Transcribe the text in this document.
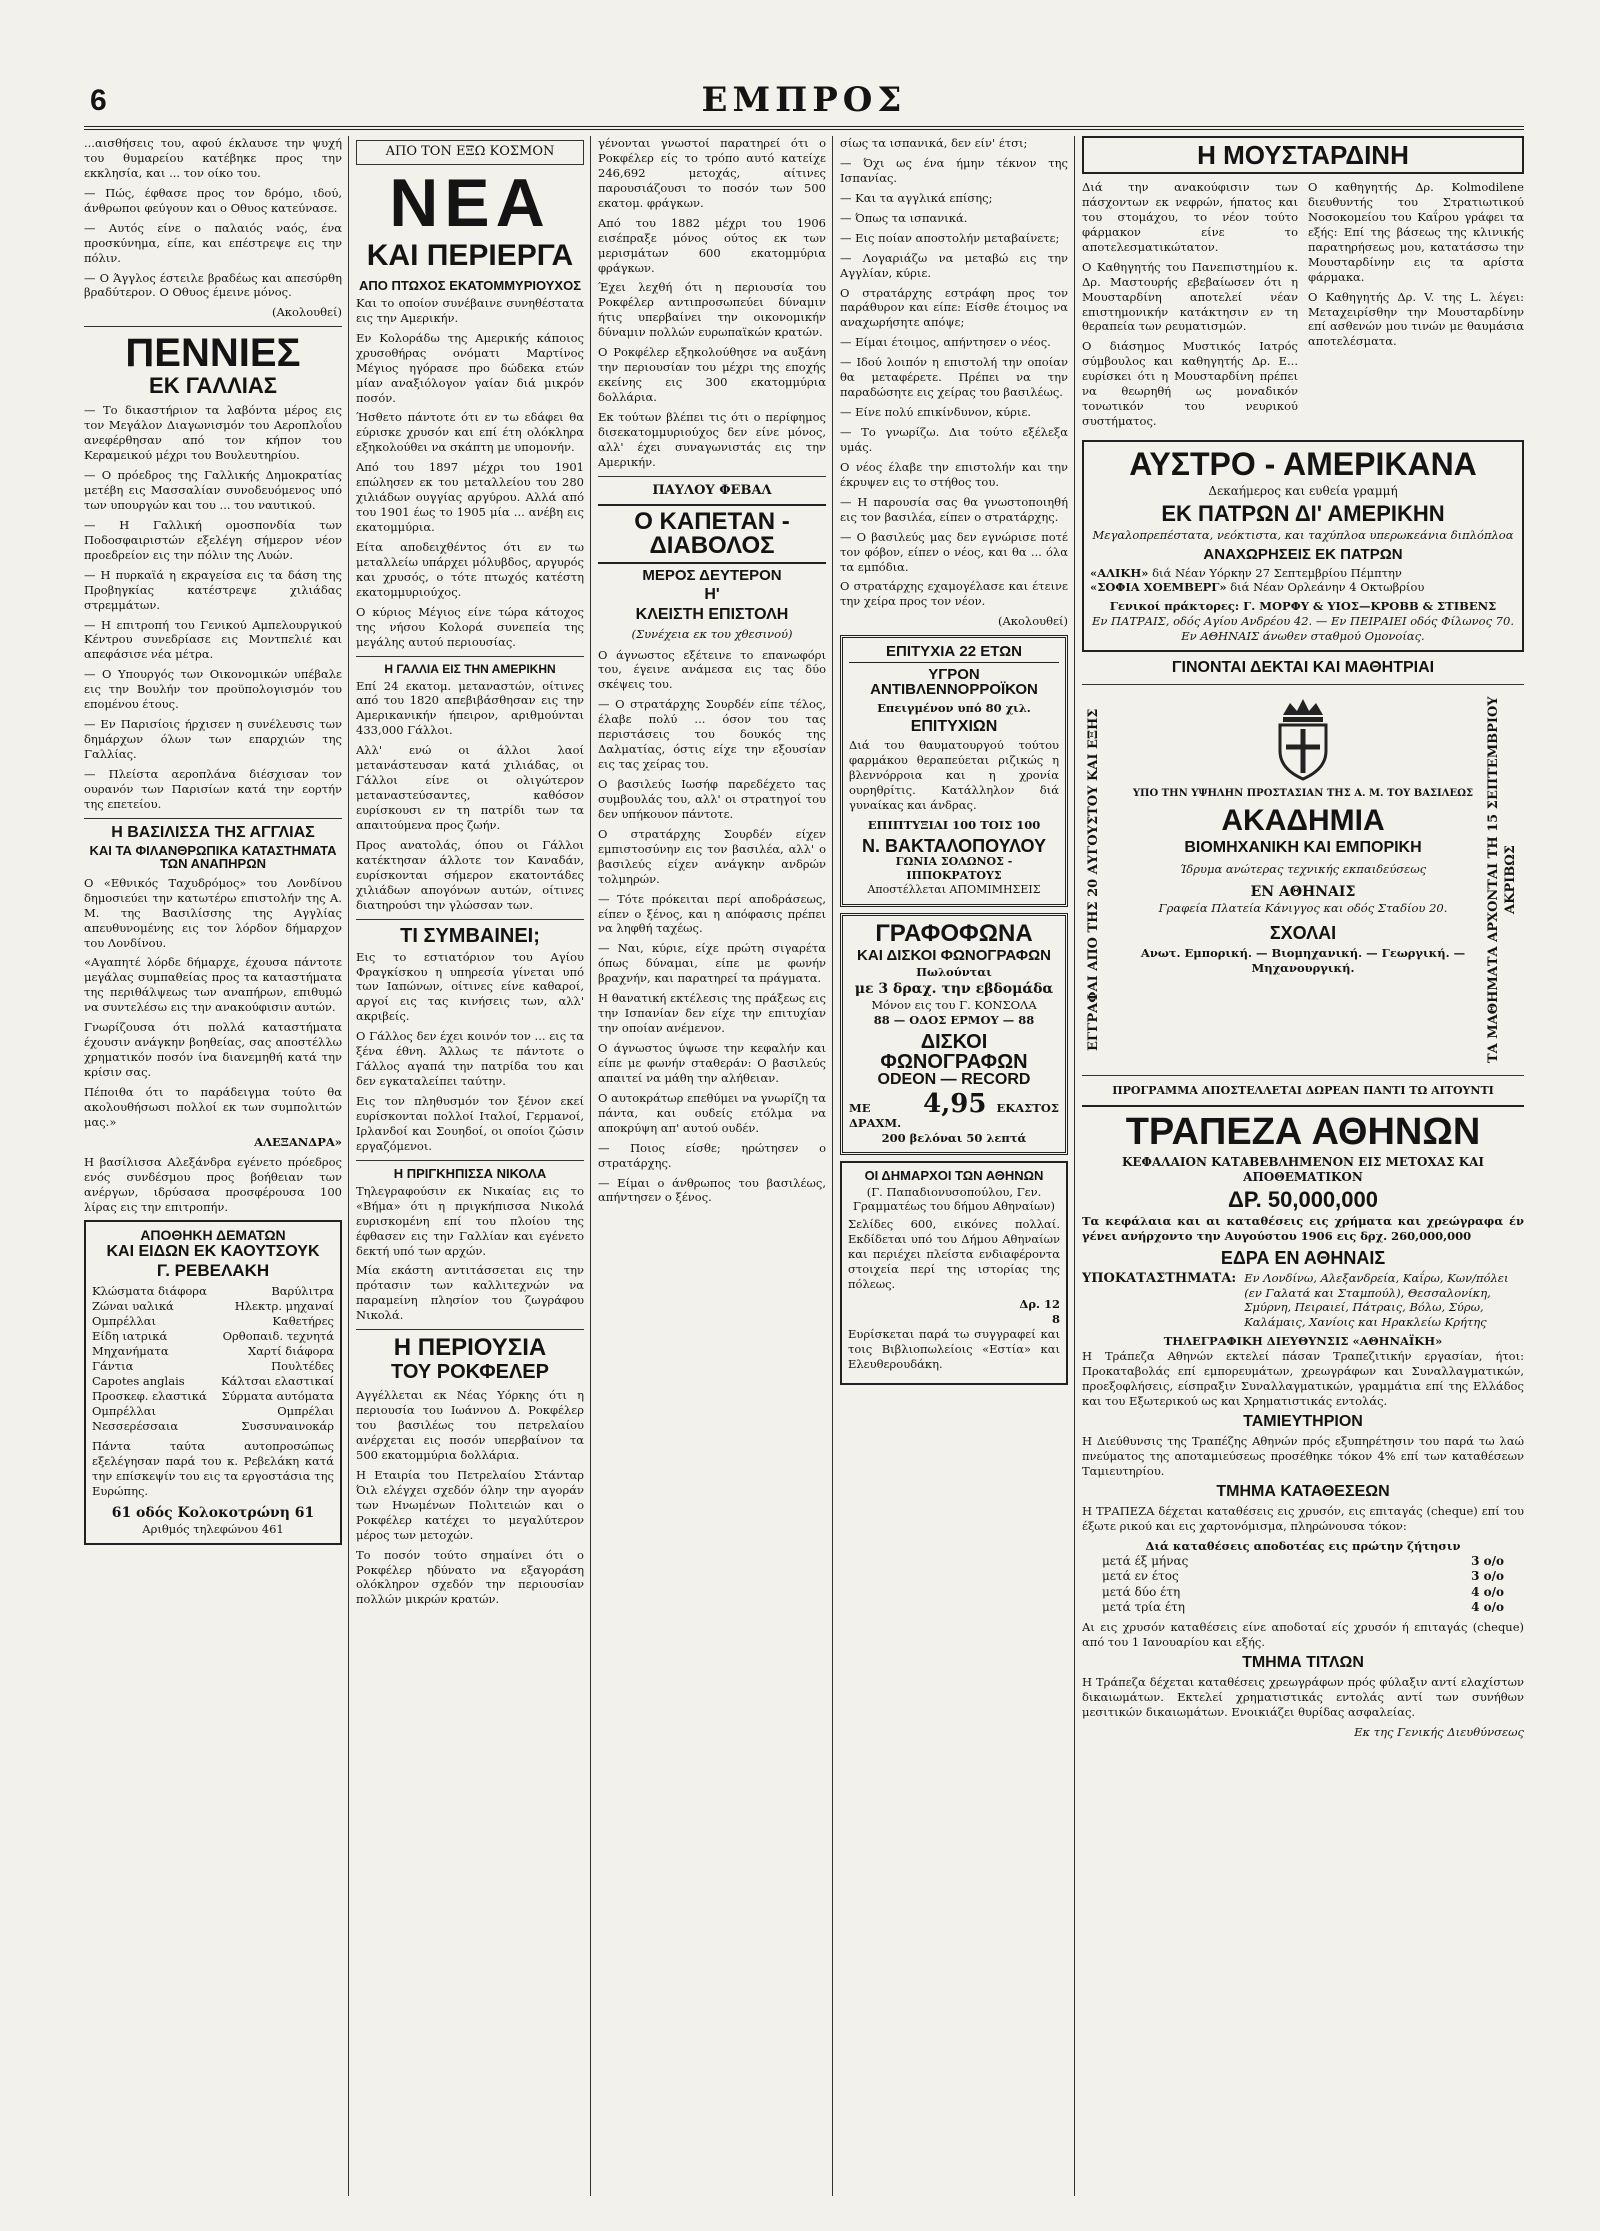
6	ΕΜΠΡΟΣ

...αισθήσεις του, αφού έκλαυσε την ψυχή του θυμαρείου κατέβηκε προς την εκκλησία, και ... τον οίκο του.

— Πώς, έφθασε προς τον δρόμο, ιδού, άνθρωποι φεύγουν και ο Οθυος κατεύνασε.

— Αυτός είνε ο παλαιός ναός, ένα προσκύνημα, είπε, και επέστρεψε εις την πόλιν.

— Ο Άγγλος έστειλε βραδέως και απεσύρθη βραδύτερον. Ο Οθυος έμεινε μόνος.

(Ακολουθεί)

ΠΕΝΝΙΕΣ
ΕΚ ΓΑΛΛΙΑΣ

— Το δικαστήριον τα λαβόντα μέρος εις τον Μεγάλον Διαγωνισμόν του Αεροπλοΐου ανεφέρθησαν από τον κήπον του Κεραμεικού μέχρι του Βουλευτηρίου.

— Ο πρόεδρος της Γαλλικής Δημοκρατίας μετέβη εις Μασσαλίαν συνοδευόμενος υπό των υπουργών και του ... του ναυτικού.

— Η Γαλλική ομοσπονδία των Ποδοσφαιριστών εξελέγη σήμερον νέον προεδρείον εις την πόλιν της Λυών.

— Η πυρκαϊά η εκραγείσα εις τα δάση της Προβηγκίας κατέστρεψε χιλιάδας στρεμμάτων.

— Η επιτροπή του Γενικού Αμπελουργικού Κέντρου συνεδρίασε εις Μοντπελιέ και απεφάσισε νέα μέτρα.

— Ο Υπουργός των Οικονομικών υπέβαλε εις την Βουλήν τον προϋπολογισμόν του επομένου έτους.

— Εν Παρισίοις ήρχισεν η συνέλευσις των δημάρχων όλων των επαρχιών της Γαλλίας.

— Πλείστα αεροπλάνα διέσχισαν τον ουρανόν των Παρισίων κατά την εορτήν της επετείου.

Η ΒΑΣΙΛΙΣΣΑ ΤΗΣ ΑΓΓΛΙΑΣ
ΚΑΙ ΤΑ ΦΙΛΑΝΘΡΩΠΙΚΑ ΚΑΤΑΣΤΗΜΑΤΑ ΤΩΝ ΑΝΑΠΗΡΩΝ

Ο «Εθνικός Ταχυδρόμος» του Λονδίνου δημοσιεύει την κατωτέρω επιστολήν της Α. Μ. της Βασιλίσσης της Αγγλίας απευθυνομένης εις τον λόρδον δήμαρχον του Λονδίνου.

«Αγαπητέ λόρδε δήμαρχε, έχουσα πάντοτε μεγάλας συμπαθείας προς τα καταστήματα της περιθάλψεως των αναπήρων, επιθυμώ να συντελέσω εις την ανακούφισιν αυτών.

Γνωρίζουσα ότι πολλά καταστήματα έχουσιν ανάγκην βοηθείας, σας αποστέλλω χρηματικόν ποσόν ίνα διανεμηθή κατά την κρίσιν σας.

Πέποιθα ότι το παράδειγμα τούτο θα ακολουθήσωσι πολλοί εκ των συμπολιτών μας.»

ΑΛΕΞΑΝΔΡΑ»

Η βασίλισσα Αλεξάνδρα εγένετο πρόεδρος ενός συνδέσμου προς βοήθειαν των ανέργων, ιδρύσασα προσφέρουσα 100 λίρας εις την επιτροπήν.

ΑΠΟΘΗΚΗ ΔΕΜΑΤΩΝ
ΚΑΙ ΕΙΔΩΝ ΕΚ ΚΑΟΥΤΣΟΥΚ
Γ. ΡΕΒΕΛΑΚΗ
Κλώσματα διάφορα	Βαρύλιτρα
Ζώναι υαλικά	Ηλεκτρ. μηχαναί
Ομπρέλλαι	Καθετήρες
Είδη ιατρικά	Ορθοπαιδ. τεχνητά
Μηχανήματα	Χαρτί διάφορα
Γάντια	Πουλτέδες
Capotes anglais	Κάλτσαι ελαστικαί
Προσκεφ. ελαστικά Σύρματα αυτόματα
Ομπρέλλαι	Ομπρέλαι
Νεσσερέσσαια	Συσσυναινοκάρ

Πάντα ταύτα αυτοπροσώπως εξελέγησαν παρά του κ. Ρεβελάκη κατά την επίσκεψίν του εις τα εργοστάσια της Ευρώπης.

61 οδός Κολοκοτρώνη 61
Αριθμός τηλεφώνου 461
ΑΠΟ ΤΟΝ ΕΞΩ ΚΟΣΜΟΝ
ΝΕΑ
ΚΑΙ ΠΕΡΙΕΡΓΑ
ΑΠΟ ΠΤΩΧΟΣ ΕΚΑΤΟΜΜΥΡΙΟΥΧΟΣ

Και το οποίον συνέβαινε συνηθέστατα εις την Αμερικήν.

Εν Κολοράδω της Αμερικής κάποιος χρυσοθήρας ονόματι Μαρτίνος Μέγιος ηγόρασε προ δώδεκα ετών μίαν αναξιόλογον γαίαν διά μικρόν ποσόν.

Ήσθετο πάντοτε ότι εν τω εδάφει θα εύρισκε χρυσόν και επί έτη ολόκληρα εξηκολούθει να σκάπτη με υπομονήν.

Από του 1897 μέχρι του 1901 επώλησεν εκ του μεταλλείου του 280 χιλιάδων ουγγίας αργύρου. Αλλά από του 1901 έως το 1905 μία ... ανέβη εις εκατομμύρια.

Είτα αποδειχθέντος ότι εν τω μεταλλείω υπάρχει μόλυβδος, αργυρός και χρυσός, ο τότε πτωχός κατέστη εκατομμυριούχος.

Ο κύριος Μέγιος είνε τώρα κάτοχος της νήσου Κολορά συνεπεία της μεγάλης αυτού περιουσίας.

Η ΓΑΛΛΙΑ ΕΙΣ ΤΗΝ ΑΜΕΡΙΚΗΝ

Επί 24 εκατομ. μεταναστών, οίτινες από του 1820 απεβιβάσθησαν εις την Αμερικανικήν ήπειρον, αριθμούνται 433,000 Γάλλοι.

Αλλ' ενώ οι άλλοι λαοί μετανάστευσαν κατά χιλιάδας, οι Γάλλοι είνε οι ολιγώτερον μεταναστεύσαντες, καθόσον ευρίσκουσι εν τη πατρίδι των τα απαιτούμενα προς ζωήν.

Προς ανατολάς, όπου οι Γάλλοι κατέκτησαν άλλοτε τον Καναδάν, ευρίσκονται σήμερον εκατοντάδες χιλιάδων απογόνων αυτών, οίτινες διατηρούσι την γλώσσαν των.

ΤΙ ΣΥΜΒΑΙΝΕΙ;

Εις το εστιατόριον του Αγίου Φραγκίσκου η υπηρεσία γίνεται υπό των Ιαπώνων, οίτινες είνε καθαροί, αργοί εις τας κινήσεις των, αλλ' ακριβείς.

Ο Γάλλος δεν έχει κοινόν τον ... εις τα ξένα έθνη. Άλλως τε πάντοτε ο Γάλλος αγαπά την πατρίδα του και δεν εγκαταλείπει ταύτην.

Εις τον πληθυσμόν τον ξένον εκεί ευρίσκονται πολλοί Ιταλοί, Γερμανοί, Ιρλανδοί και Σουηδοί, οι οποίοι ζώσιν εργαζόμενοι.

Η ΠΡΙΓΚΗΠΙΣΣΑ ΝΙΚΟΛΑ

Τηλεγραφούσιν εκ Νικαίας εις το «Βήμα» ότι η πριγκήπισσα Νικολά ευρισκομένη επί του πλοίου της έφθασεν εις την Γαλλίαν και εγένετο δεκτή υπό των αρχών.

Μία εκάστη αντιτάσσεται εις την πρότασιν των καλλιτεχνών να παραμείνη πλησίον του ζωγράφου Νικολά.

Η ΠΕΡΙΟΥΣΙΑ
ΤΟΥ ΡΟΚΦΕΛΕΡ

Αγγέλλεται εκ Νέας Υόρκης ότι η περιουσία του Ιωάννου Δ. Ροκφέλερ του βασιλέως του πετρελαίου ανέρχεται εις ποσόν υπερβαίνον τα 500 εκατομμύρια δολλάρια.

Η Εταιρία του Πετρελαίου Στάνταρ Όιλ ελέγχει σχεδόν όλην την αγοράν των Ηνωμένων Πολιτειών και ο Ροκφέλερ κατέχει το μεγαλύτερον μέρος των μετοχών.

Το ποσόν τούτο σημαίνει ότι ο Ροκφέλερ ηδύνατο να εξαγοράση ολόκληρον σχεδόν την περιουσίαν πολλών μικρών κρατών.

γένονται γνωστοί παρατηρεί ότι ο Ροκφέλερ είς το τρόπο αυτό κατείχε 246,692 μετοχάς, αίτινες παρουσιάζουσι το ποσόν των 500 εκατομ. φράγκων.

Από του 1882 μέχρι του 1906 εισέπραξε μόνος ούτος εκ των μερισμάτων 600 εκατομμύρια φράγκων.

Έχει λεχθή ότι η περιουσία του Ροκφέλερ αντιπροσωπεύει δύναμιν ήτις υπερβαίνει την οικονομικήν δύναμιν πολλών ευρωπαϊκών κρατών.

Ο Ροκφέλερ εξηκολούθησε να αυξάνη την περιουσίαν του μέχρι της εποχής εκείνης εις 300 εκατομμύρια δολλάρια.

Εκ τούτων βλέπει τις ότι ο περίφημος δισεκατομμυριούχος δεν είνε μόνος, αλλ' έχει συναγωνιστάς εις την Αμερικήν.

ΠΑΥΛΟΥ ΦΕΒΑΛ
Ο ΚΑΠΕΤΑΝ - ΔΙΑΒΟΛΟΣ
ΜΕΡΟΣ ΔΕΥΤΕΡΟΝ
Η'
ΚΛΕΙΣΤΗ ΕΠΙΣΤΟΛΗ
(Συνέχεια εκ του χθεσινού)

Ο άγνωστος εξέτεινε το επανωφόρι του, έγεινε ανάμεσα εις τας δύο σκέψεις του.

— Ο στρατάρχης Σουρδέν είπε τέλος, έλαβε πολύ ... όσον του τας περιστάσεις του δουκός της Δαλματίας, όστις είχε την εξουσίαν εις τας χείρας του.

Ο βασιλεύς Ιωσήφ παρεδέχετο τας συμβουλάς του, αλλ' οι στρατηγοί του δεν υπήκουον πάντοτε.

Ο στρατάρχης Σουρδέν είχεν εμπιστοσύνην εις τον βασιλέα, αλλ' ο βασιλεύς είχεν ανάγκην ανδρών τολμηρών.

— Τότε πρόκειται περί αποδράσεως, είπεν ο ξένος, και η απόφασις πρέπει να ληφθή ταχέως.

— Ναι, κύριε, είχε πρώτη σιγαρέτα όπως δύναμαι, είπε με φωνήν βραχνήν, και παρατηρεί τα πράγματα.

Η θανατική εκτέλεσις της πράξεως εις την Ισπανίαν δεν είχε την επιτυχίαν την οποίαν ανέμενον.

Ο άγνωστος ύψωσε την κεφαλήν και είπε με φωνήν σταθεράν: Ο βασιλεύς απαιτεί να μάθη την αλήθειαν.

Ο αυτοκράτωρ επεθύμει να γνωρίζη τα πάντα, και ουδείς ετόλμα να αποκρύψη απ' αυτού ουδέν.

— Ποιος είσθε; ηρώτησεν ο στρατάρχης.

— Είμαι ο άνθρωπος του βασιλέως, απήντησεν ο ξένος.

σίως τα ισπανικά, δεν είν' έτσι;

— Όχι ως ένα ήμην τέκνον της Ισπανίας.

— Και τα αγγλικά επίσης;

— Όπως τα ισπανικά.

— Εις ποίαν αποστολήν μεταβαίνετε;

— Λογαριάζω να μεταβώ εις την Αγγλίαν, κύριε.

Ο στρατάρχης εστράφη προς τον παράθυρον και είπε: Είσθε έτοιμος να αναχωρήσητε απόψε;

— Είμαι έτοιμος, απήντησεν ο νέος.

— Ιδού λοιπόν η επιστολή την οποίαν θα μεταφέρετε. Πρέπει να την παραδώσητε εις χείρας του βασιλέως.

— Είνε πολύ επικίνδυνον, κύριε.

— Το γνωρίζω. Δια τούτο εξέλεξα υμάς.

Ο νέος έλαβε την επιστολήν και την έκρυψεν εις το στήθος του.

— Η παρουσία σας θα γνωστοποιηθή εις τον βασιλέα, είπεν ο στρατάρχης.

— Ο βασιλεύς μας δεν εγνώρισε ποτέ τον φόβον, είπεν ο νέος, και θα ... όλα τα εμπόδια.

Ο στρατάρχης εχαμογέλασε και έτεινε την χείρα προς τον νέον.

(Ακολουθεί)

ΕΠΙΤΥΧΙΑ 22 ΕΤΩΝ
ΥΓΡΟΝ ΑΝΤΙΒΛΕΝΝΟΡΡΟΪΚΟΝ
Επειγμένον υπό 80 χιλ.
ΕΠΙΤΥΧΙΩΝ

Διά του θαυματουργού τούτου φαρμάκου θεραπεύεται ριζικώς η βλεννόρροια και η χρονία ουρηθρίτις. Κατάλληλον διά γυναίκας και άνδρας.

ΕΠΙΠΤΥΞΙΑΙ 100 ΤΟΙΣ 100
Ν. ΒΑΚΤΑΛΟΠΟΥΛΟΥ
ΓΩΝΙΑ ΣΟΛΩΝΟΣ - ΙΠΠΟΚΡΑΤΟΥΣ
Αποστέλλεται ΑΠΟΜΙΜΗΣΕΙΣ
ΓΡΑΦΟΦΩΝΑ
ΚΑΙ ΔΙΣΚΟΙ ΦΩΝΟΓΡΑΦΩΝ
Πωλούνται
με 3 δραχ. την εβδομάδα
Μόνον εις του Γ. ΚΟΝΣΟΛΑ
88 — ΟΔΟΣ ΕΡΜΟΥ — 88
ΔΙΣΚΟΙ ΦΩΝΟΓΡΑΦΩΝ
ODEON — RECORD
ΜΕ ΔΡΑΧΜ.
4,95 ΕΚΑΣΤΟΣ
200 βελόναι 50 λεπτά
ΟΙ ΔΗΜΑΡΧΟΙ ΤΩΝ ΑΘΗΝΩΝ
(Γ. Παπαδιονυσοπούλου, Γεν. Γραμματέως του δήμου Αθηναίων)

Σελίδες 600, εικόνες πολλαί. Εκδίδεται υπό του Δήμου Αθηναίων και περιέχει πλείστα ενδιαφέροντα στοιχεία περί της ιστορίας της πόλεως.

Δρ. 12
8

Ευρίσκεται παρά τω συγγραφεί και τοις Βιβλιοπωλείοις «Εστία» και Ελευθερουδάκη.

Η ΜΟΥΣΤΑΡΔΙΝΗ

Διά την ανακούφισιν των πάσχοντων εκ νεφρών, ήπατος και του στομάχου, το νέον τούτο φάρμακον είνε το αποτελεσματικώτατον.

Ο Καθηγητής του Πανεπιστημίου κ. Δρ. Μαστουρής εβεβαίωσεν ότι η Μουσταρδίνη αποτελεί νέαν επιστημονικήν κατάκτησιν εν τη θεραπεία των ρευματισμών.

Ο διάσημος Μυστικός Ιατρός σύμβουλος και καθηγητής Δρ. Ε... ευρίσκει ότι η Μουσταρδίνη πρέπει να θεωρηθή ως μοναδικόν τονωτικόν του νευρικού συστήματος.

Ο καθηγητής Δρ. Kolmodilene διευθυντής του Στρατιωτικού Νοσοκομείου του Καΐρου γράφει τα εξής: Επί της βάσεως της κλινικής παρατηρήσεως μου, κατατάσσω την Μουσταρδίνην εις τα αρίστα φάρμακα.

Ο Καθηγητής Δρ. V. της L. λέγει: Μεταχειρίσθην την Μουσταρδίνην επί ασθενών μου τινών με θαυμάσια αποτελέσματα.

ΑΥΣΤΡΟ - ΑΜΕΡΙΚΑΝΑ
Δεκαήμερος και ευθεία γραμμή
ΕΚ ΠΑΤΡΩΝ ΔΙ' ΑΜΕΡΙΚΗΝ
Μεγαλοπρεπέστατα, νεόκτιστα, και ταχύπλοα υπερωκεάνια διπλόπλοα
ΑΝΑΧΩΡΗΣΕΙΣ ΕΚ ΠΑΤΡΩΝ
«ΑΛΙΚΗ» διά Νέαν Υόρκην 27 Σεπτεμβρίου Πέμπτην
«ΣΟΦΙΑ ΧΟΕΜΒΕΡΓ» διά Νέαν Ορλεάνην 4 Οκτωβρίου
Γενικοί πράκτορες: Γ. ΜΟΡΦΥ & ΥΙΟΣ—ΚΡΟΒΒ & ΣΤΙΒΕΝΣ
Εν ΠΑΤΡΑΙΣ, οδός Αγίου Ανδρέου 42. — Εν ΠΕΙΡΑΙΕΙ οδός Φίλωνος 70. Εν ΑΘΗΝΑΙΣ άνωθεν σταθμού Ομονοίας.
ΓΙΝΟΝΤΑΙ ΔΕΚΤΑΙ ΚΑΙ ΜΑΘΗΤΡΙΑΙ
ΕΓΓΡΑΦΑΙ ΑΠΟ ΤΗΣ 20 ΑΥΓΟΥΣΤΟΥ ΚΑΙ ΕΞΗΣ	ΤΑ ΜΑΘΗΜΑΤΑ ΑΡΧΟΝΤΑΙ ΤΗ 15 ΣΕΠΤΕΜΒΡΙΟΥ ΑΚΡΙΒΩΣ
ΥΠΟ ΤΗΝ ΥΨΗΛΗΝ ΠΡΟΣΤΑΣΙΑΝ ΤΗΣ Α. Μ. ΤΟΥ ΒΑΣΙΛΕΩΣ
ΑΚΑΔΗΜΙΑ
ΒΙΟΜΗΧΑΝΙΚΗ ΚΑΙ ΕΜΠΟΡΙΚΗ
Ίδρυμα ανώτερας τεχνικής εκπαιδεύσεως
ΕΝ ΑΘΗΝΑΙΣ
Γραφεία Πλατεία Κάνιγγος και οδός Σταδίου 20.
ΣΧΟΛΑΙ
Ανωτ. Εμπορική. — Βιομηχανική. — Γεωργική. — Μηχανουργική.
ΠΡΟΓΡΑΜΜΑ ΑΠΟΣΤΕΛΛΕΤΑΙ ΔΩΡΕΑΝ ΠΑΝΤΙ ΤΩ ΑΙΤΟΥΝΤΙ
ΤΡΑΠΕΖΑ ΑΘΗΝΩΝ
ΚΕΦΑΛΑΙΟΝ ΚΑΤΑΒΕΒΛΗΜΕΝΟΝ ΕΙΣ ΜΕΤΟΧΑΣ ΚΑΙ ΑΠΟΘΕΜΑΤΙΚΟΝ
ΔΡ. 50,000,000

Τα κεφάλαια και αι καταθέσεις εις χρήματα και χρεώγραφα έν γένει ανήρχοντο την Αυγούστου 1906 εις δρχ. 260,000,000

ΕΔΡΑ ΕΝ ΑΘΗΝΑΙΣ
ΥΠΟΚΑΤΑΣΤΗΜΑΤΑ: Εν Λονδίνω, Αλεξανδρεία, Καΐρω, Κων/πόλει (εν Γαλατά και Σταμπούλ), Θεσσαλονίκη, Σμύρνη, Πειραιεί, Πάτραις, Βόλω, Σύρω, Καλάμαις, Χανίοις και Ηρακλείω Κρήτης
ΤΗΛΕΓΡΑΦΙΚΗ ΔΙΕΥΘΥΝΣΙΣ «ΑΘΗΝΑΪΚΗ»

Η Τράπεζα Αθηνών εκτελεί πάσαν Τραπεζιτικήν εργασίαν, ήτοι: Προκαταβολάς επί εμπορευμάτων, χρεωγράφων και Συναλλαγματικών, προεξοφλήσεις, είσπραξιν Συναλλαγματικών, γραμμάτια επί της Ελλάδος και του Εξωτερικού ως και Χρηματιστικάς εντολάς.

ΤΑΜΙΕΥΤΗΡΙΟΝ

Η Διεύθυνσις της Τραπέζης Αθηνών πρός εξυπηρέτησιν του παρά τω λαώ πνεύματος της αποταμιεύσεως προσέθηκε τόκον 4% επί των καταθέσεων Ταμιευτηρίου.

ΤΜΗΜΑ ΚΑΤΑΘΕΣΕΩΝ

Η ΤΡΑΠΕΖΑ δέχεται καταθέσεις εις χρυσόν, εις επιταγάς (cheque) επί του έξωτε ρικού και εις χαρτονόμισμα, πληρώνουσα τόκον:

Διά καταθέσεις αποδοτέας εις πρώτην ζήτησιν
μετά έξ μήνας	3 ο/ο
μετά εν έτος	3 ο/ο
μετά δύο έτη	4 ο/ο
μετά τρία έτη	4 ο/ο

Αι εις χρυσόν καταθέσεις είνε αποδοταί είς χρυσόν ή επιταγάς (cheque) από του 1 Ιανουαρίου και εξής.

ΤΜΗΜΑ ΤΙΤΛΩΝ

Η Τράπεζα δέχεται καταθέσεις χρεωγράφων πρός φύλαξιν αντί ελαχίστων δικαιωμάτων. Εκτελεί χρηματιστικάς εντολάς αντί των συνήθων μεσιτικών δικαιωμάτων. Ενοικιάζει θυρίδας ασφαλείας.

Εκ της Γενικής Διευθύνσεως
